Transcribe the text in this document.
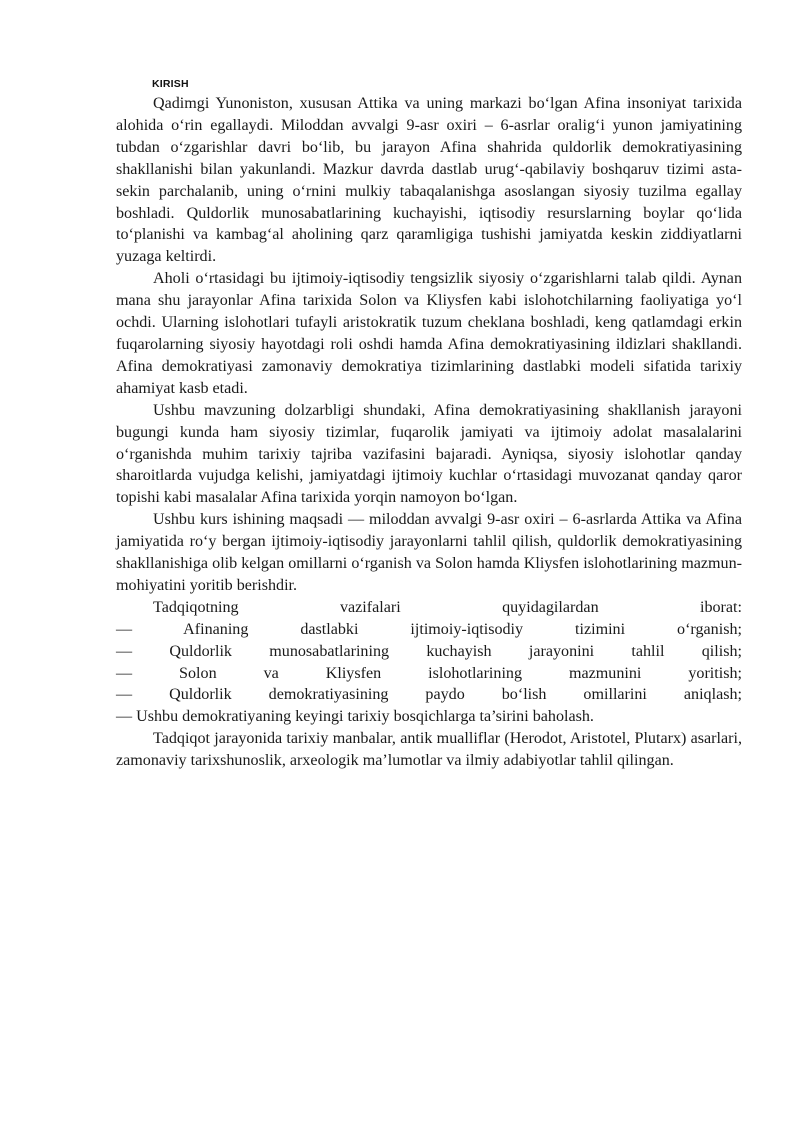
KIRISH

Qadimgi Yunoniston, xususan Attika va uning markazi bo‘lgan Afina insoniyat tarixida alohida o‘rin egallaydi. Miloddan avvalgi 9-asr oxiri – 6-asrlar oralig‘i yunon jamiyatining tubdan o‘zgarishlar davri bo‘lib, bu jarayon Afina shahrida quldorlik demokratiyasining shakllanishi bilan yakunlandi. Mazkur davrda dastlab urug‘-qabilaviy boshqaruv tizimi asta-sekin parchalanib, uning o‘rnini mulkiy tabaqalanishga asoslangan siyosiy tuzilma egallay boshladi. Quldorlik munosabatlarining kuchayishi, iqtisodiy resurslarning boylar qo‘lida to‘planishi va kambag‘al aholining qarz qaramligiga tushishi jamiyatda keskin ziddiyatlarni yuzaga keltirdi.

Aholi o‘rtasidagi bu ijtimoiy-iqtisodiy tengsizlik siyosiy o‘zgarishlarni talab qildi. Aynan mana shu jarayonlar Afina tarixida Solon va Kliysfen kabi islohotchilarning faoliyatiga yo‘l ochdi. Ularning islohotlari tufayli aristokratik tuzum cheklana boshladi, keng qatlamdagi erkin fuqarolarning siyosiy hayotdagi roli oshdi hamda Afina demokratiyasining ildizlari shakllandi. Afina demokratiyasi zamonaviy demokratiya tizimlarining dastlabki modeli sifatida tarixiy ahamiyat kasb etadi.

Ushbu mavzuning dolzarbligi shundaki, Afina demokratiyasining shakllanish jarayoni bugungi kunda ham siyosiy tizimlar, fuqarolik jamiyati va ijtimoiy adolat masalalarini o‘rganishda muhim tarixiy tajriba vazifasini bajaradi. Ayniqsa, siyosiy islohotlar qanday sharoitlarda vujudga kelishi, jamiyatdagi ijtimoiy kuchlar o‘rtasidagi muvozanat qanday qaror topishi kabi masalalar Afina tarixida yorqin namoyon bo‘lgan.

Ushbu kurs ishining maqsadi — miloddan avvalgi 9-asr oxiri – 6-asrlarda Attika va Afina jamiyatida ro‘y bergan ijtimoiy-iqtisodiy jarayonlarni tahlil qilish, quldorlik demokratiyasining shakllanishiga olib kelgan omillarni o‘rganish va Solon hamda Kliysfen islohotlarining mazmun-mohiyatini yoritib berishdir.

Tadqiqotning vazifalari quyidagilardan iborat:

— Afinaning dastlabki ijtimoiy-iqtisodiy tizimini o‘rganish;

— Quldorlik munosabatlarining kuchayish jarayonini tahlil qilish;

— Solon va Kliysfen islohotlarining mazmunini yoritish;

— Quldorlik demokratiyasining paydo bo‘lish omillarini aniqlash;

— Ushbu demokratiyaning keyingi tarixiy bosqichlarga ta’sirini baholash.

Tadqiqot jarayonida tarixiy manbalar, antik mualliflar (Herodot, Aristotel, Plutarx) asarlari, zamonaviy tarixshunoslik, arxeologik ma’lumotlar va ilmiy adabiyotlar tahlil qilingan.
